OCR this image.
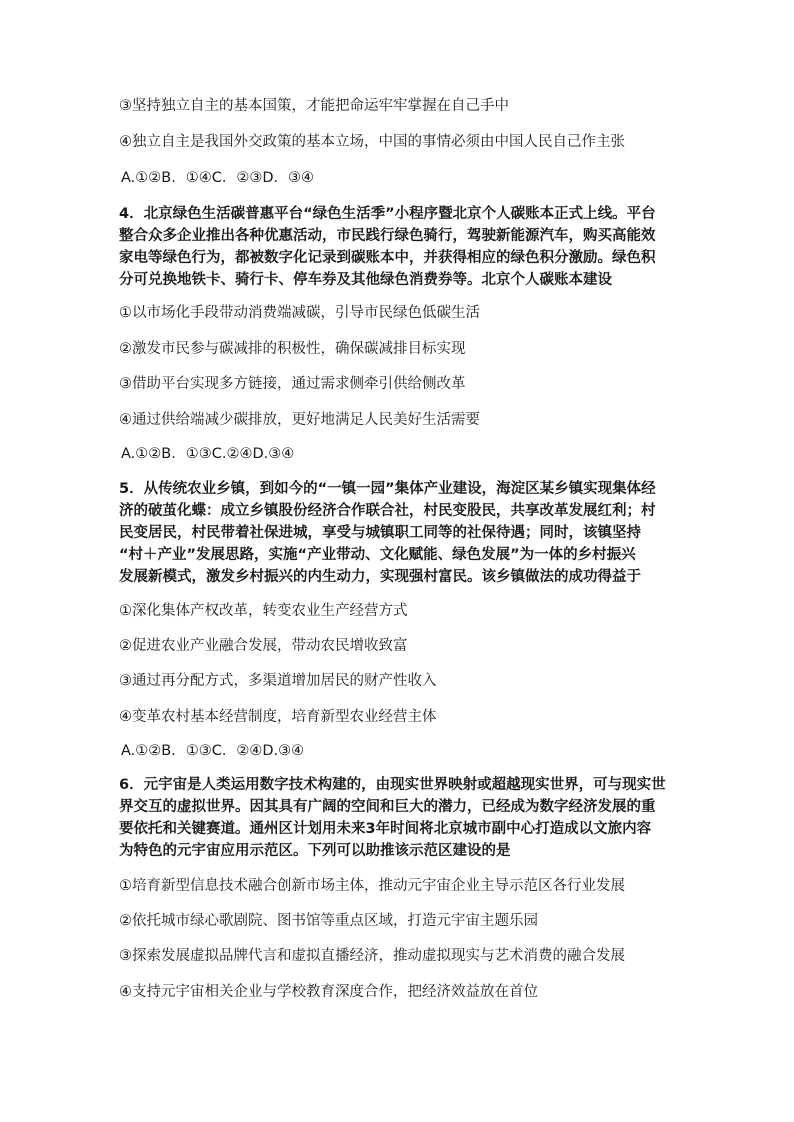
③坚持独立自主的基本国策，才能把命运牢牢掌握在自己手中
④独立自主是我国外交政策的基本立场，中国的事情必须由中国人民自己作主张
A.①②B．①④C．②③D．③④
4．北京绿色生活碳普惠平台“绿色生活季”小程序暨北京个人碳账本正式上线。平台
整合众多企业推出各种优惠活动，市民践行绿色骑行，驾驶新能源汽车，购买高能效
家电等绿色行为，都被数字化记录到碳账本中，并获得相应的绿色积分激励。绿色积
分可兑换地铁卡、骑行卡、停车券及其他绿色消费券等。北京个人碳账本建设
①以市场化手段带动消费端减碳，引导市民绿色低碳生活
②激发市民参与碳减排的积极性，确保碳减排目标实现
③借助平台实现多方链接，通过需求侧牵引供给侧改革
④通过供给端减少碳排放，更好地满足人民美好生活需要
A.①②B．①③C.②④D.③④
5．从传统农业乡镇，到如今的“一镇一园”集体产业建设，海淀区某乡镇实现集体经
济的破茧化蝶：成立乡镇股份经济合作联合社，村民变股民，共享改革发展红利；村
民变居民，村民带着社保进城，享受与城镇职工同等的社保待遇；同时，该镇坚持
“村＋产业”发展思路，实施“产业带动、文化赋能、绿色发展”为一体的乡村振兴
发展新模式，激发乡村振兴的内生动力，实现强村富民。该乡镇做法的成功得益于
①深化集体产权改革，转变农业生产经营方式
②促进农业产业融合发展，带动农民增收致富
③通过再分配方式，多渠道增加居民的财产性收入
④变革农村基本经营制度，培育新型农业经营主体
A.①②B．①③C．②④D.③④
6．元宇宙是人类运用数字技术构建的，由现实世界映射或超越现实世界，可与现实世
界交互的虚拟世界。因其具有广阔的空间和巨大的潜力，已经成为数字经济发展的重
要依托和关键赛道。通州区计划用未来3年时间将北京城市副中心打造成以文旅内容
为特色的元宇宙应用示范区。下列可以助推该示范区建设的是
①培育新型信息技术融合创新市场主体，推动元宇宙企业主导示范区各行业发展
②依托城市绿心歌剧院、图书馆等重点区域，打造元宇宙主题乐园
③探索发展虚拟品牌代言和虚拟直播经济，推动虚拟现实与艺术消费的融合发展
④支持元宇宙相关企业与学校教育深度合作，把经济效益放在首位
